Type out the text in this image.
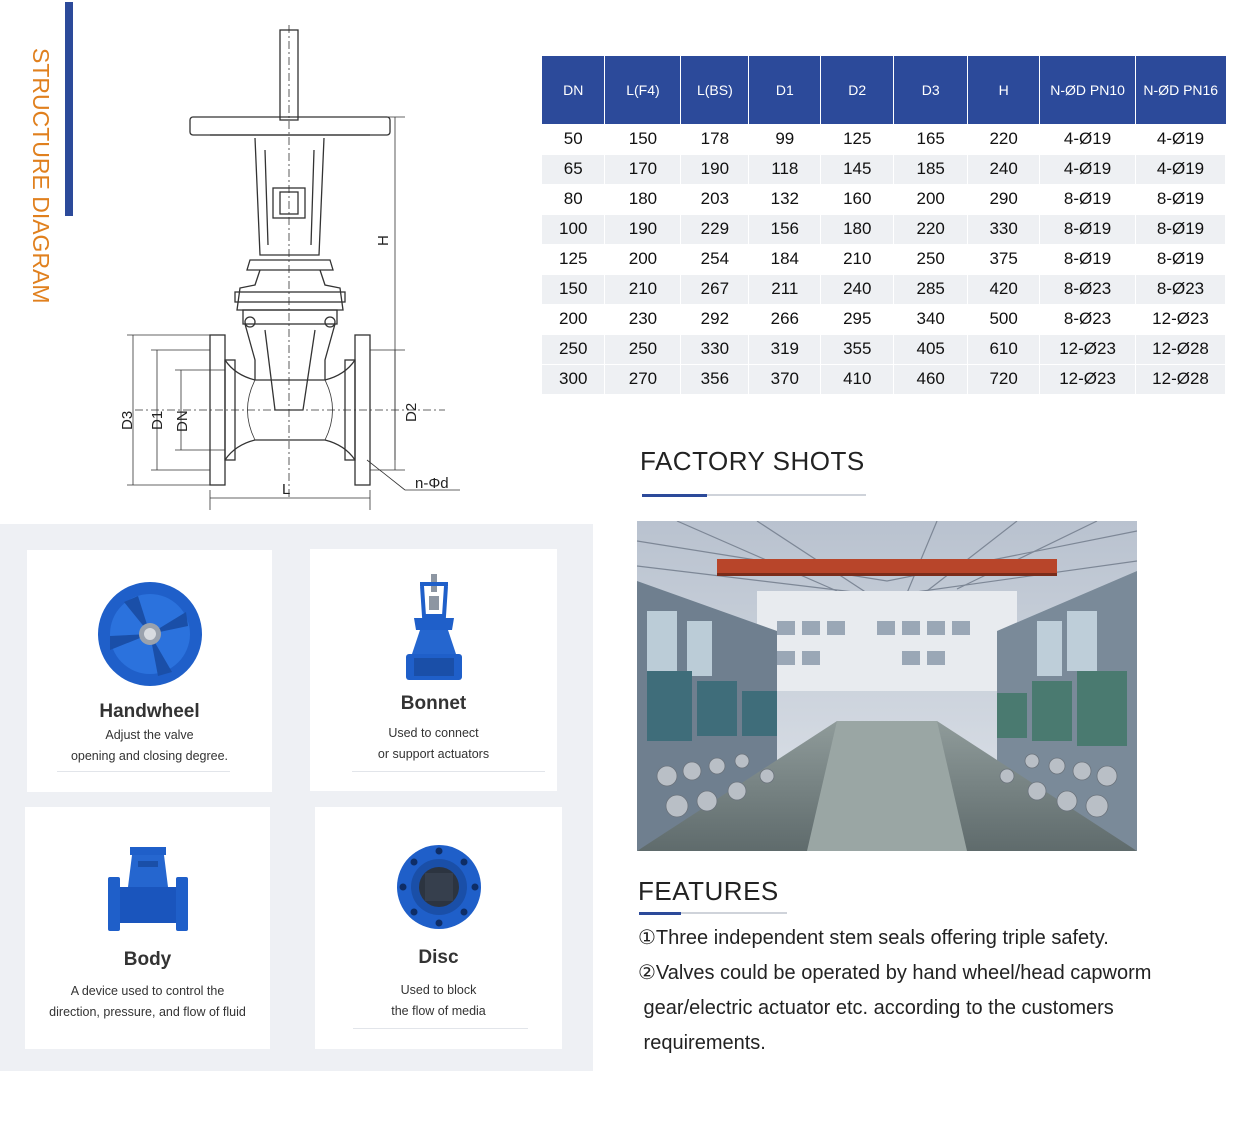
STRUCTURE DIAGRAM	H
D3 D1 DN	D2
L	n-Φd
DN	L(F4)	L(BS)	D1	D2	D3	H	N-ØD PN10	N-ØD PN16
50	150	178	99	125	165	220	4-Ø19	4-Ø19
65	170	190	118	145	185	240	4-Ø19	4-Ø19
80	180	203	132	160	200	290	8-Ø19	8-Ø19
100	190	229	156	180	220	330	8-Ø19	8-Ø19
125	200	254	184	210	250	375	8-Ø19	8-Ø19
150	210	267	211	240	285	420	8-Ø23	8-Ø23
200	230	292	266	295	340	500	8-Ø23	12-Ø23
250	250	330	319	355	405	610	12-Ø23	12-Ø28
300	270	356	370	410	460	720	12-Ø23	12-Ø28
FACTORY SHOTS
FEATURES
①Three independent stem seals offering triple safety.
②Valves could be operated by hand wheel/head capworm
gear/electric actuator etc. according to the customers
requirements.
Handwheel
Adjust the valve
opening and closing degree.
Bonnet
Used to connect
or support actuators
Body
A device used to control the
direction, pressure, and flow of fluid
Disc
Used to block
the flow of media
